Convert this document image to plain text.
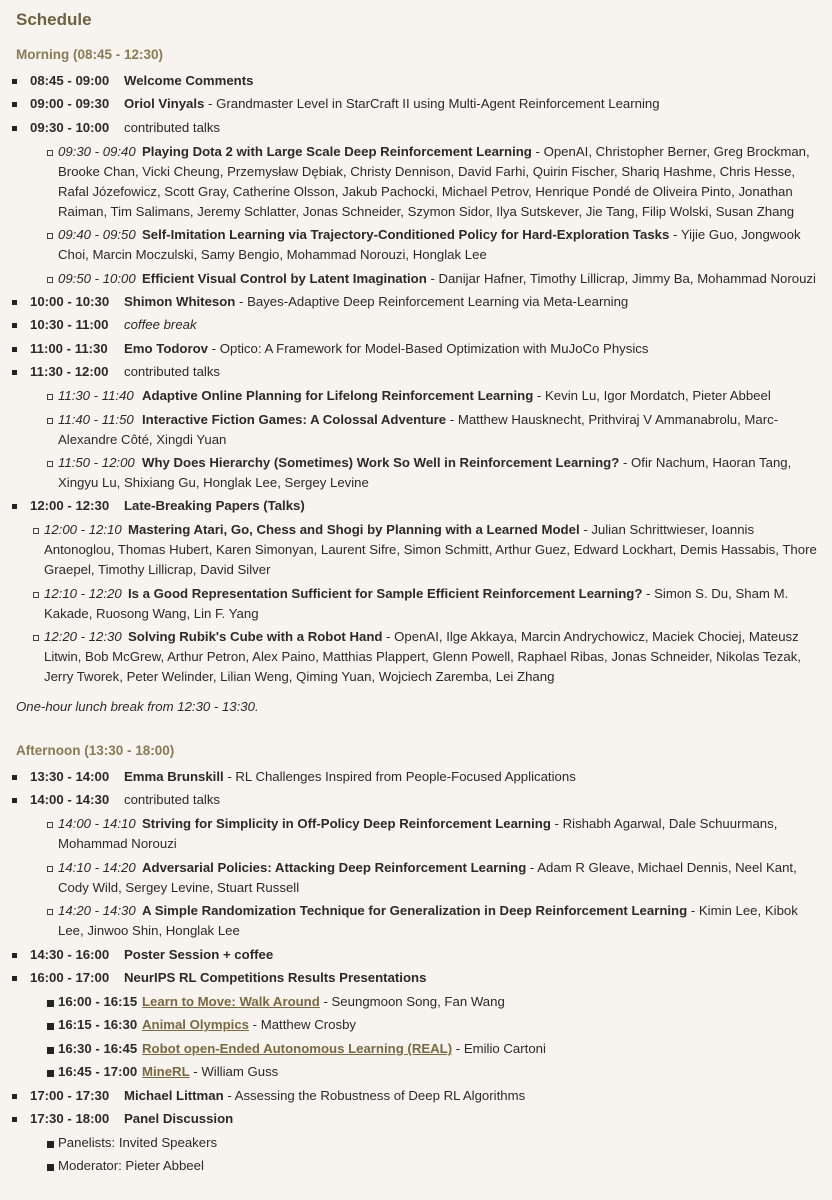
Schedule
Morning (08:45 - 12:30)
08:45 - 09:00 Welcome Comments
09:00 - 09:30 Oriol Vinyals - Grandmaster Level in StarCraft II using Multi-Agent Reinforcement Learning
09:30 - 10:00 contributed talks
09:30 - 09:40 Playing Dota 2 with Large Scale Deep Reinforcement Learning - OpenAI, Christopher Berner, Greg Brockman, Brooke Chan, Vicki Cheung, Przemysław Dębiak, Christy Dennison, David Farhi, Quirin Fischer, Shariq Hashme, Chris Hesse, Rafal Józefowicz, Scott Gray, Catherine Olsson, Jakub Pachocki, Michael Petrov, Henrique Pondé de Oliveira Pinto, Jonathan Raiman, Tim Salimans, Jeremy Schlatter, Jonas Schneider, Szymon Sidor, Ilya Sutskever, Jie Tang, Filip Wolski, Susan Zhang
09:40 - 09:50 Self-Imitation Learning via Trajectory-Conditioned Policy for Hard-Exploration Tasks - Yijie Guo, Jongwook Choi, Marcin Moczulski, Samy Bengio, Mohammad Norouzi, Honglak Lee
09:50 - 10:00 Efficient Visual Control by Latent Imagination - Danijar Hafner, Timothy Lillicrap, Jimmy Ba, Mohammad Norouzi
10:00 - 10:30 Shimon Whiteson - Bayes-Adaptive Deep Reinforcement Learning via Meta-Learning
10:30 - 11:00 coffee break
11:00 - 11:30 Emo Todorov - Optico: A Framework for Model-Based Optimization with MuJoCo Physics
11:30 - 12:00 contributed talks
11:30 - 11:40 Adaptive Online Planning for Lifelong Reinforcement Learning - Kevin Lu, Igor Mordatch, Pieter Abbeel
11:40 - 11:50 Interactive Fiction Games: A Colossal Adventure - Matthew Hausknecht, Prithviraj V Ammanabrolu, Marc-Alexandre Côté, Xingdi Yuan
11:50 - 12:00 Why Does Hierarchy (Sometimes) Work So Well in Reinforcement Learning? - Ofir Nachum, Haoran Tang, Xingyu Lu, Shixiang Gu, Honglak Lee, Sergey Levine
12:00 - 12:30 Late-Breaking Papers (Talks)
12:00 - 12:10 Mastering Atari, Go, Chess and Shogi by Planning with a Learned Model - Julian Schrittwieser, Ioannis Antonoglou, Thomas Hubert, Karen Simonyan, Laurent Sifre, Simon Schmitt, Arthur Guez, Edward Lockhart, Demis Hassabis, Thore Graepel, Timothy Lillicrap, David Silver
12:10 - 12:20 Is a Good Representation Sufficient for Sample Efficient Reinforcement Learning? - Simon S. Du, Sham M. Kakade, Ruosong Wang, Lin F. Yang
12:20 - 12:30 Solving Rubik's Cube with a Robot Hand - OpenAI, Ilge Akkaya, Marcin Andrychowicz, Maciek Chociej, Mateusz Litwin, Bob McGrew, Arthur Petron, Alex Paino, Matthias Plappert, Glenn Powell, Raphael Ribas, Jonas Schneider, Nikolas Tezak, Jerry Tworek, Peter Welinder, Lilian Weng, Qiming Yuan, Wojciech Zaremba, Lei Zhang
One-hour lunch break from 12:30 - 13:30.
Afternoon (13:30 - 18:00)
13:30 - 14:00 Emma Brunskill - RL Challenges Inspired from People-Focused Applications
14:00 - 14:30 contributed talks
14:00 - 14:10 Striving for Simplicity in Off-Policy Deep Reinforcement Learning - Rishabh Agarwal, Dale Schuurmans, Mohammad Norouzi
14:10 - 14:20 Adversarial Policies: Attacking Deep Reinforcement Learning - Adam R Gleave, Michael Dennis, Neel Kant, Cody Wild, Sergey Levine, Stuart Russell
14:20 - 14:30 A Simple Randomization Technique for Generalization in Deep Reinforcement Learning - Kimin Lee, Kibok Lee, Jinwoo Shin, Honglak Lee
14:30 - 16:00 Poster Session + coffee
16:00 - 17:00 NeurIPS RL Competitions Results Presentations
16:00 - 16:15 Learn to Move: Walk Around - Seungmoon Song, Fan Wang
16:15 - 16:30 Animal Olympics - Matthew Crosby
16:30 - 16:45 Robot open-Ended Autonomous Learning (REAL) - Emilio Cartoni
16:45 - 17:00 MineRL - William Guss
17:00 - 17:30 Michael Littman - Assessing the Robustness of Deep RL Algorithms
17:30 - 18:00 Panel Discussion
Panelists: Invited Speakers
Moderator: Pieter Abbeel
